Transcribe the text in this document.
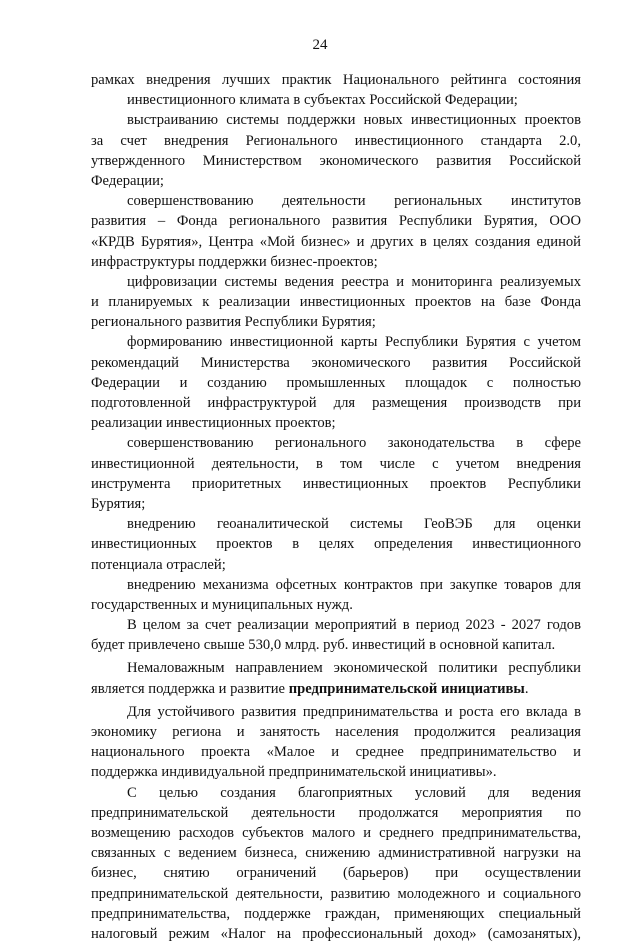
24
рамках внедрения лучших практик Национального рейтинга состояния
инвестиционного климата в субъектах Российской Федерации;
выстраиванию системы поддержки новых инвестиционных проектов
за счет внедрения Регионального инвестиционного стандарта 2.0,
утвержденного Министерством экономического развития Российской
Федерации;
совершенствованию деятельности региональных институтов
развития – Фонда регионального развития Республики Бурятия, ООО
«КРДВ Бурятия», Центра «Мой бизнес» и других в целях создания единой
инфраструктуры поддержки бизнес-проектов;
цифровизации системы ведения реестра и мониторинга реализуемых
и планируемых к реализации инвестиционных проектов на базе Фонда
регионального развития Республики Бурятия;
формированию инвестиционной карты Республики Бурятия с учетом
рекомендаций Министерства экономического развития Российской
Федерации и созданию промышленных площадок с полностью
подготовленной инфраструктурой для размещения производств при
реализации инвестиционных проектов;
совершенствованию регионального законодательства в сфере
инвестиционной деятельности, в том числе с учетом внедрения
инструмента приоритетных инвестиционных проектов Республики
Бурятия;
внедрению геоаналитической системы ГеоВЭБ для оценки
инвестиционных проектов в целях определения инвестиционного
потенциала отраслей;
внедрению механизма офсетных контрактов при закупке товаров для
государственных и муниципальных нужд.
В целом за счет реализации мероприятий в период 2023 - 2027 годов
будет привлечено свыше 530,0 млрд. руб. инвестиций в основной капитал.
Немаловажным направлением экономической политики республики
является поддержка и развитие предпринимательской инициативы.
Для устойчивого развития предпринимательства и роста его вклада в
экономику региона и занятость населения продолжится реализация
национального проекта «Малое и среднее предпринимательство и
поддержка индивидуальной предпринимательской инициативы».
С целью создания благоприятных условий для ведения
предпринимательской деятельности продолжатся мероприятия по
возмещению расходов субъектов малого и среднего предпринимательства,
связанных с ведением бизнеса, снижению административной нагрузки на
бизнес, снятию ограничений (барьеров) при осуществлении
предпринимательской деятельности, развитию молодежного и социального
предпринимательства, поддержке граждан, применяющих специальный
налоговый режим «Налог на профессиональный доход» (самозанятых),
